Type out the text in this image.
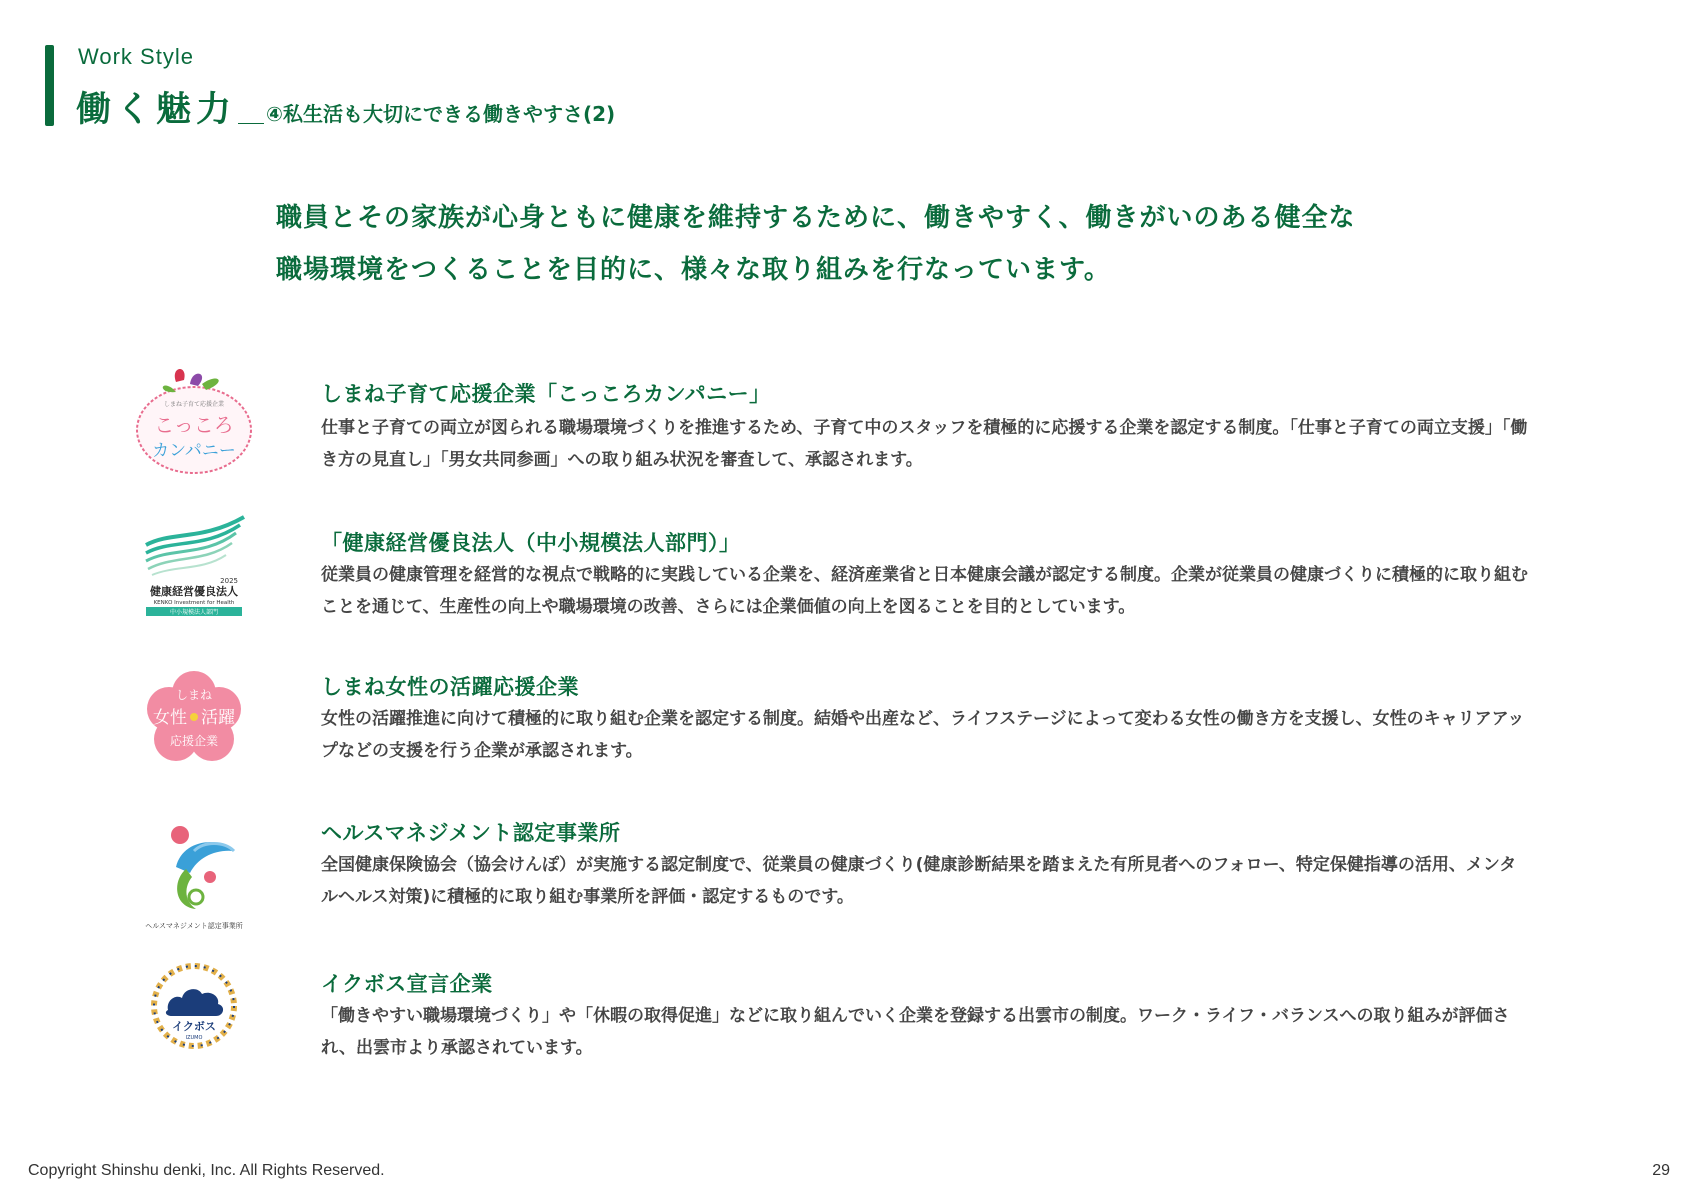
Work Style
働く魅力＿ ④私生活も大切にできる働きやすさ(2)

職員とその家族が心身ともに健康を維持するために、働きやすく、働きがいのある健全な

職場環境をつくることを目的に、様々な取り組みを行なっています。

しまね子育て応援企業
こっころ
カンパニー
しまね子育て応援企業「こっころカンパニー」
仕事と子育ての両立が図られる職場環境づくりを推進するため、子育て中のスタッフを積極的に応援する企業を認定する制度。「仕事と子育ての両立支援」「働き方の見直し」「男女共同参画」への取り組み状況を審査して、承認されます。
2025
健康経営優良法人
KENKO Investment for Health
中小規模法人部門
「健康経営優良法人（中小規模法人部門）」
従業員の健康管理を経営的な視点で戦略的に実践している企業を、経済産業省と日本健康会議が認定する制度。企業が従業員の健康づくりに積極的に取り組むことを通じて、生産性の向上や職場環境の改善、さらには企業価値の向上を図ることを目的としています。
しまね
女性 活躍
応援企業
しまね女性の活躍応援企業
女性の活躍推進に向けて積極的に取り組む企業を認定する制度。結婚や出産など、ライフステージによって変わる女性の働き方を支援し、女性のキャリアアップなどの支援を行う企業が承認されます。
ヘルスマネジメント認定事業所
ヘルスマネジメント認定事業所
全国健康保険協会（協会けんぽ）が実施する認定制度で、従業員の健康づくり(健康診断結果を踏まえた有所見者へのフォロー、特定保健指導の活用、メンタルヘルス対策)に積極的に取り組む事業所を評価・認定するものです。
イクボス
IZUMO
イクボス宣言企業
「働きやすい職場環境づくり」や「休暇の取得促進」などに取り組んでいく企業を登録する出雲市の制度。ワーク・ライフ・バランスへの取り組みが評価され、出雲市より承認されています。
Copyright Shinshu denki, Inc. All Rights Reserved.	29
